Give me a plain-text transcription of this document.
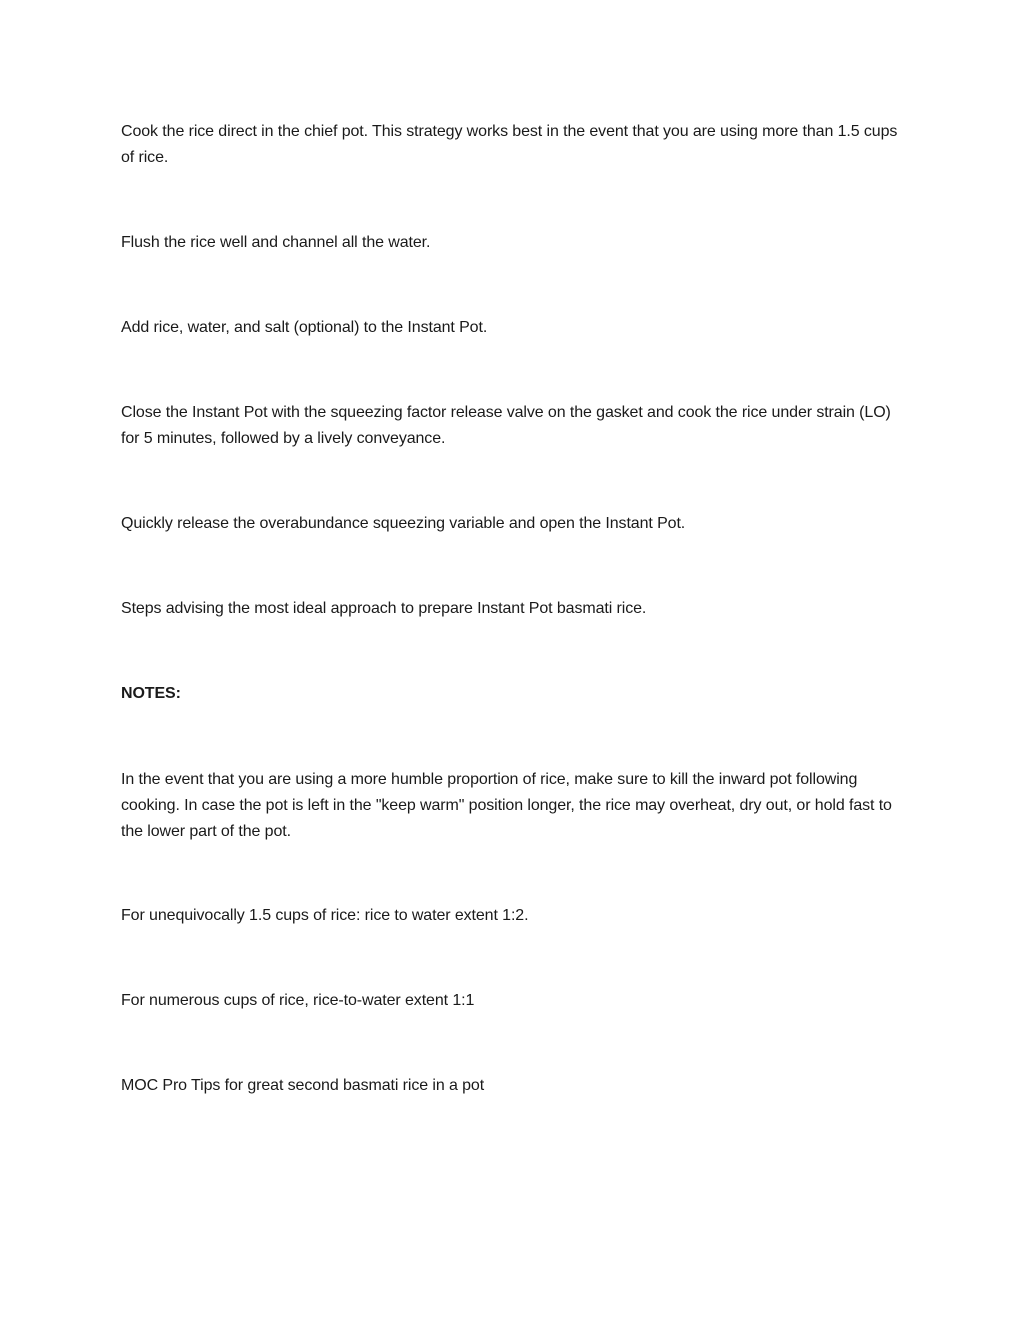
Cook the rice direct in the chief pot. This strategy works best in the event that you are using more than 1.5 cups of rice.

Flush the rice well and channel all the water.

Add rice, water, and salt (optional) to the Instant Pot.

Close the Instant Pot with the squeezing factor release valve on the gasket and cook the rice under strain (LO) for 5 minutes, followed by a lively conveyance.

Quickly release the overabundance squeezing variable and open the Instant Pot.

Steps advising the most ideal approach to prepare Instant Pot basmati rice.

NOTES:

In the event that you are using a more humble proportion of rice, make sure to kill the inward pot following cooking. In case the pot is left in the "keep warm" position longer, the rice may overheat, dry out, or hold fast to the lower part of the pot.

For unequivocally 1.5 cups of rice: rice to water extent 1:2.

For numerous cups of rice, rice-to-water extent 1:1

MOC Pro Tips for great second basmati rice in a pot
